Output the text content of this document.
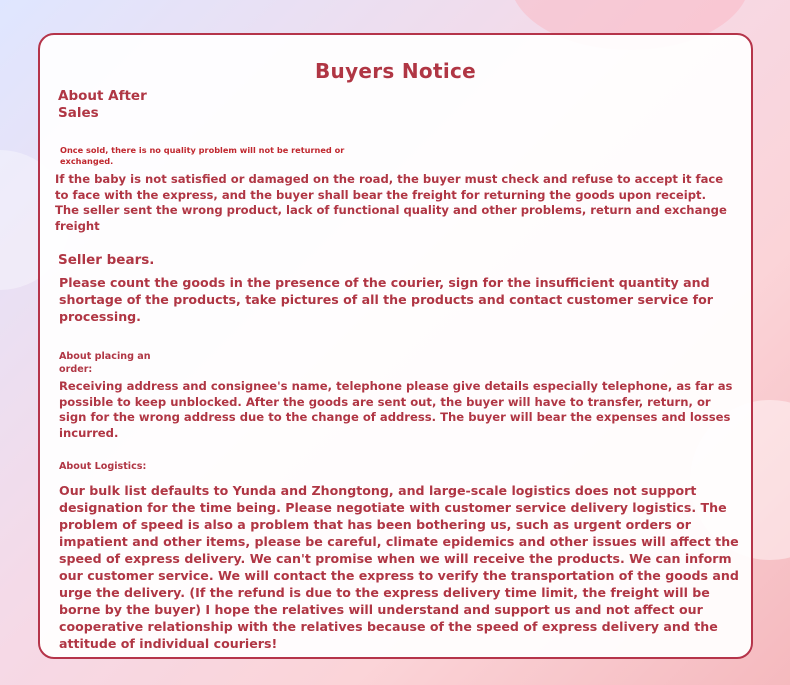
Buyers Notice
About After Sales
Once sold, there is no quality problem will not be returned or exchanged.
If the baby is not satisfied or damaged on the road, the buyer must check and refuse to accept it face to face with the express, and the buyer shall bear the freight for returning the goods upon receipt. The seller sent the wrong product, lack of functional quality and other problems, return and exchange freight
Seller bears.
Please count the goods in the presence of the courier, sign for the insufficient quantity and shortage of the products, take pictures of all the products and contact customer service for processing.
About placing an order:
Receiving address and consignee's name, telephone please give details especially telephone, as far as possible to keep unblocked. After the goods are sent out, the buyer will have to transfer, return, or sign for the wrong address due to the change of address. The buyer will bear the expenses and losses incurred.
About Logistics:
Our bulk list defaults to Yunda and Zhongtong, and large-scale logistics does not support designation for the time being. Please negotiate with customer service delivery logistics. The problem of speed is also a problem that has been bothering us, such as urgent orders or impatient and other items, please be careful, climate epidemics and other issues will affect the speed of express delivery. We can't promise when we will receive the products. We can inform our customer service. We will contact the express to verify the transportation of the goods and urge the delivery. (If the refund is due to the express delivery time limit, the freight will be borne by the buyer) I hope the relatives will understand and support us and not affect our cooperative relationship with the relatives because of the speed of express delivery and the attitude of individual couriers!
